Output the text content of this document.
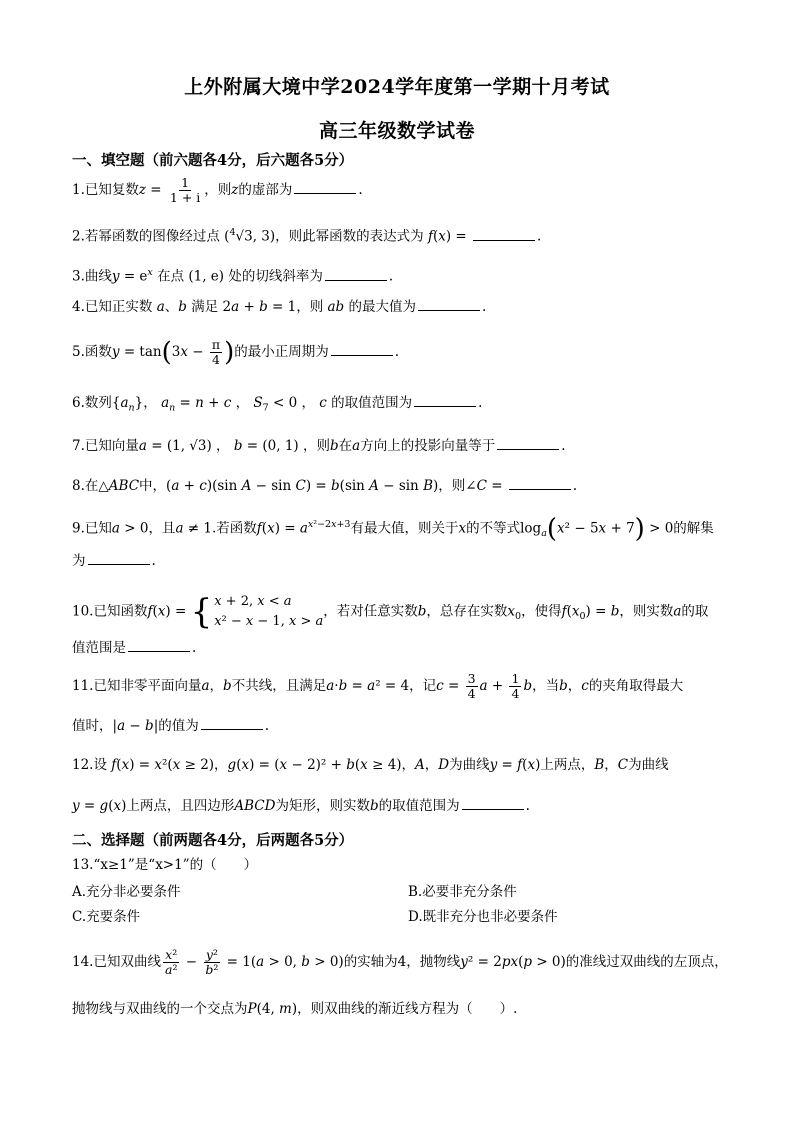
上外附属大境中学2024学年度第一学期十月考试
高三年级数学试卷
一、填空题（前六题各4分，后六题各5分）
1.已知复数$z = \frac{1}{1 + i}$ ，则z的虚部为	.
2.若幂函数的图像经过点 ($^4$√3, 3)，则此幂函数的表达式为 f(x) =	.
3.曲线$y = e^x$ 在点 (1, e) 处的切线斜率为	.
4.已知正实数 a、b 满足 2a + b = 1，则 ab 的最大值为	.
5.函数$y = \tan(3x - \frac{\pi}{4}$ )的最小正周期为	.
6.数列$\{a_n\}$， $a_n = n + c$ ， $S_7 < 0$ ， c 的取值范围为	.
7.已知向量a = (1, √3) ， b = (0, 1) ，则b在a方向上的投影向量等于	.
8.在△ABC中，(a + c)(sin A − sin C) = b(sin A − sin B)，则∠C =	.
9.已知a > 0，且a ≠ 1.若函数$f(x) = a^{x^2-2x+3}$有最大值，则关于x的不等式$\log_a(x^2 - 5x + 7) > 0$的解集
为	.
10.已知函数f(x) = { x + 2, x < a
x² − x − 1, x > a
，若对任意实数b，总存在实数$x_0$，使得$f(x_0) = b$，则实数a的取
值范围是	.
11.已知非零平面向量a，b不共线，且满足a·b = a² = 4，记$c = \frac{3}{4}$ $a + \frac{1}{4}$ b，当b，c的夹角取得最大
值时，|a − b|的值为	.
12.设 f(x) = x²(x ≥ 2)，g(x) = (x − 2)² + b(x ≥ 4)，A，D为曲线y = f(x)上两点，B，C为曲线
y = g(x)上两点，且四边形ABCD为矩形，则实数b的取值范围为	.
二、选择题（前两题各4分，后两题各5分）
13.“x≥1”是“x>1”的（　　）
A.充分非必要条件	B.必要非充分条件
C.充要条件	D.既非充分也非必要条件
14.已知双曲线 $\frac{\text{x²}}{\text{a²}} - \frac{\text{y²}}{\text{b²}} = 1(a > 0$, b > 0)的实轴为4，抛物线y² = 2px(p > 0)的准线过双曲线的左顶点，
抛物线与双曲线的一个交点为P(4, m)，则双曲线的渐近线方程为（　　）.
